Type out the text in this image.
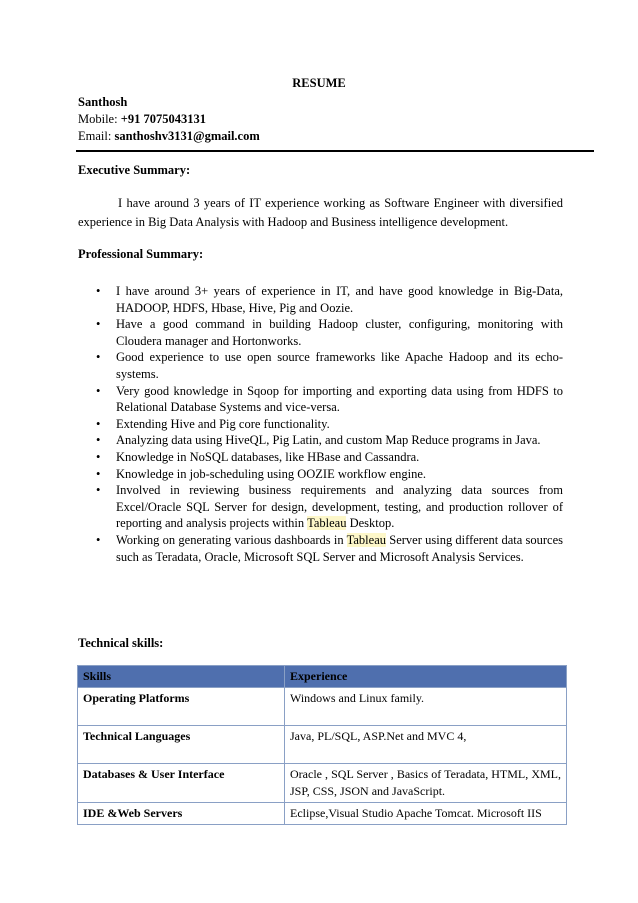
RESUME
Santhosh
Mobile: +91 7075043131
Email: santhoshv3131@gmail.com
Executive Summary:
I have around 3 years of IT experience working as Software Engineer with diversified experience in Big Data Analysis with Hadoop and Business intelligence development.
Professional Summary:
• I have around 3+ years of experience in IT, and have good knowledge in Big-Data, HADOOP, HDFS, Hbase, Hive, Pig and Oozie.
• Have a good command in building Hadoop cluster, configuring, monitoring with Cloudera manager and Hortonworks.
• Good experience to use open source frameworks like Apache Hadoop and its echo-systems.
• Very good knowledge in Sqoop for importing and exporting data using from HDFS to Relational Database Systems and vice-versa.
• Extending Hive and Pig core functionality.
• Analyzing data using HiveQL, Pig Latin, and custom Map Reduce programs in Java.
• Knowledge in NoSQL databases, like HBase and Cassandra.
• Knowledge in job-scheduling using OOZIE workflow engine.
• Involved in reviewing business requirements and analyzing data sources from Excel/Oracle SQL Server for design, development, testing, and production rollover of reporting and analysis projects within Tableau Desktop.
• Working on generating various dashboards in Tableau Server using different data sources such as Teradata, Oracle, Microsoft SQL Server and Microsoft Analysis Services.
Technical skills:
Skills	Experience
Operating Platforms	Windows and Linux family.
Technical Languages	Java, PL/SQL, ASP.Net and MVC 4,
Databases & User Interface	Oracle , SQL Server , Basics of Teradata, HTML, XML, JSP, CSS, JSON and JavaScript.
IDE &Web Servers	Eclipse,Visual Studio Apache Tomcat. Microsoft IIS
